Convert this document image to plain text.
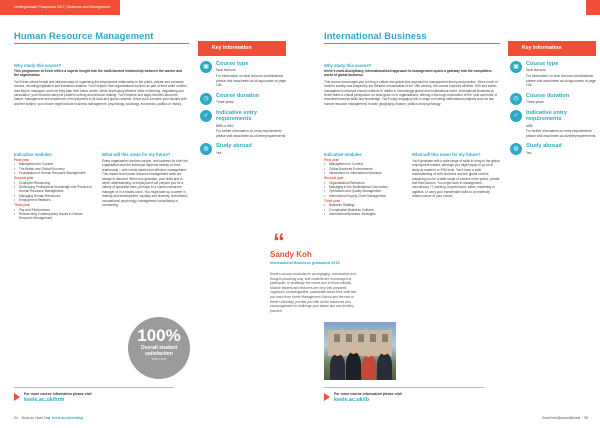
Undergraduate Prospectus 2017 | Business and Management
Human Resource Management
Why study this course?
This programme at Keele offers a superb insight into the multi-faceted relationship between the worker and the organisation.
You'll learn about formal and informal ways of organising the employment relationship in the public, private and voluntary sectors, including legislation and industrial relations. You'll explore how organisations function as part of their wider context, how they're managed, and how they plan their future needs. While developing effective skills in listening, negotiating and persuasion, you'll become adept at problem solving and decision making. You'll explore and apply theories about the nature, management and experience of employment in its local and global contexts. Since you'll combine your studies with another subject, your choice might include business management, psychology, sociology, economics, politics or history.
Indicative modules
First year
• Management in Context
• The British and Global Economy
• Foundations of Human Resource Management
Second year
• Employee Resourcing
• Developing Professional Knowledge and Practice in Human Resource Management
• Managing Human Resources
• Employment Relations
Third year
• Pay and Performance
• Researching Contemporary Issues in Human Resource Management
What will this mean for my future?
Every organisation involves people, and success for both the organisation and the individual depends heavily on their relationship – with needs careful and effective management. This means that human resource management skills are always in demand. When you graduate, your skills and in-depth understanding of employment will prepare you for a variety of specialist roles, perhaps in a human resources manager or in a trades union. You might take up a career in training and development, equality and diversity, recruitment, occupational psychology, management consultancy or counselling.
Key Information
▣	Course type
Dual honours
For information on dual honours combinations please visit www.keele.ac.uk/ugcourses or page 136
◷	Course duration
Three years
✓	Indicative entry requirements
BBB or ABC
For further information on entry requirements please visit www.keele.ac.uk/entryrequirements
◍	Study abroad
Yes
100%
Overall student
satisfaction
(NSS 2015)
For more course information please visit
keele.ac.uk/hrm
94 Book an Open Day keele.ac.uk/visiting
International Business
Why study this course?
Keele's multi-disciplinary, internationalised approach to management opens a gateway into the competitive world of global business.
This course encourages you to bring a critical and global lens approach to management theory and practice. Since much of modern society was shaped by the Western industrialists of the 19th century, this course explores whether 19th and earlier management concepts should continue to matter in increasingly global and multinational world. International Business at Keele takes a critical perspective on what goes on in organisations, offering a thorough exploration of the 'nuts and bolts' of essential business skills and knowledge. You'll enjoy engaging with a range of exciting international subjects such as law, human resource management, human geography, finance, politics and psychology.
Indicative modules
First year
• Management in Context
• Global Business Environments
• Introduction to International Business
Second year
• Organisational Behaviour
• Managing in the Multinational Corporation
• Operations and Quality Management
• International Supply Chain Management
Third year
• Business Strategy
• Comparative Business Cultures
• International Business Strategies
What will this mean for my future?
You'll graduate with a wide range of skills to bring to the global employment market, although you might equip to go on to study at master's or PhD level. You'll have a solid understanding of both business and the global context, preparing you for a wide range of careers in the public, private and third sectors. You might work in management consultancy, IT, banking, import/export, sales, marketing or logistics, or carry your transferable skills to an indirectly related career of your choice.
Key Information
▣	Course type
Dual honours
For information on dual honours combinations please visit www.keele.ac.uk/ugcourses or page 136
◷	Course duration
Three years
✓	Indicative entry requirements
ABB
For further information on entry requirements please visit www.keele.ac.uk/entryrequirements
◍	Study abroad
Yes
“
Sandy Koh
International Business graduated 2015
Keele's course concluded in an engaging, constructive and thought-provoking way, and students are encouraged to participate, to challenge the norms and to think critically. Module leaders and lecturers are very well-prepared, organised, knowledgeable, passionate about their craft and you learn from Keele Management School and the rest of Keele University, provide you with all the resources and encouragement to challenge your status quo and develop yourself.
For more course information please visit
keele.ac.uk/ib
Email info@ukaur@keele 95
